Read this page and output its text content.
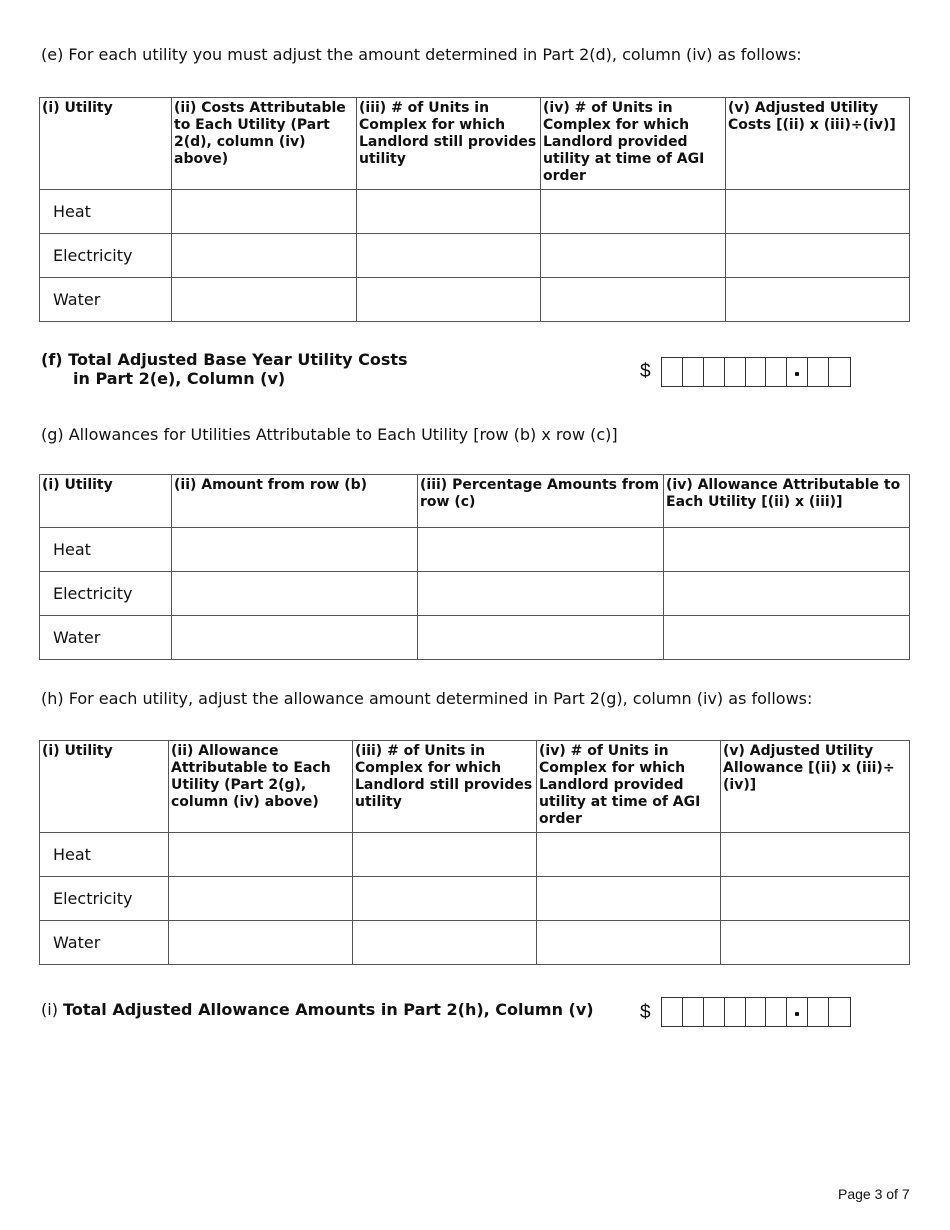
(e) For each utility you must adjust the amount determined in Part 2(d), column (iv) as follows:
(i) Utility	(ii) Costs Attributable to Each Utility (Part 2(d), column (iv) above)	(iii) # of Units in Complex for which Landlord still provides utility	(iv) # of Units in Complex for which Landlord provided utility at time of AGI order	(v) Adjusted Utility Costs [(ii) x (iii)÷(iv)]
Heat				
Electricity				
Water				
(f) Total Adjusted Base Year Utility Costs
in Part 2(e), Column (v)	$
(g) Allowances for Utilities Attributable to Each Utility [row (b) x row (c)]
(i) Utility	(ii) Amount from row (b)	(iii) Percentage Amounts from row (c)	(iv) Allowance Attributable to Each Utility [(ii) x (iii)]
Heat			
Electricity			
Water			
(h) For each utility, adjust the allowance amount determined in Part 2(g), column (iv) as follows:
(i) Utility	(ii) Allowance Attributable to Each Utility (Part 2(g), column (iv) above)	(iii) # of Units in Complex for which Landlord still provides utility	(iv) # of Units in Complex for which Landlord provided utility at time of AGI order	(v) Adjusted Utility Allowance [(ii) x (iii)÷ (iv)]
Heat				
Electricity				
Water				
(i) Total Adjusted Allowance Amounts in Part 2(h), Column (v) $
Page 3 of 7
